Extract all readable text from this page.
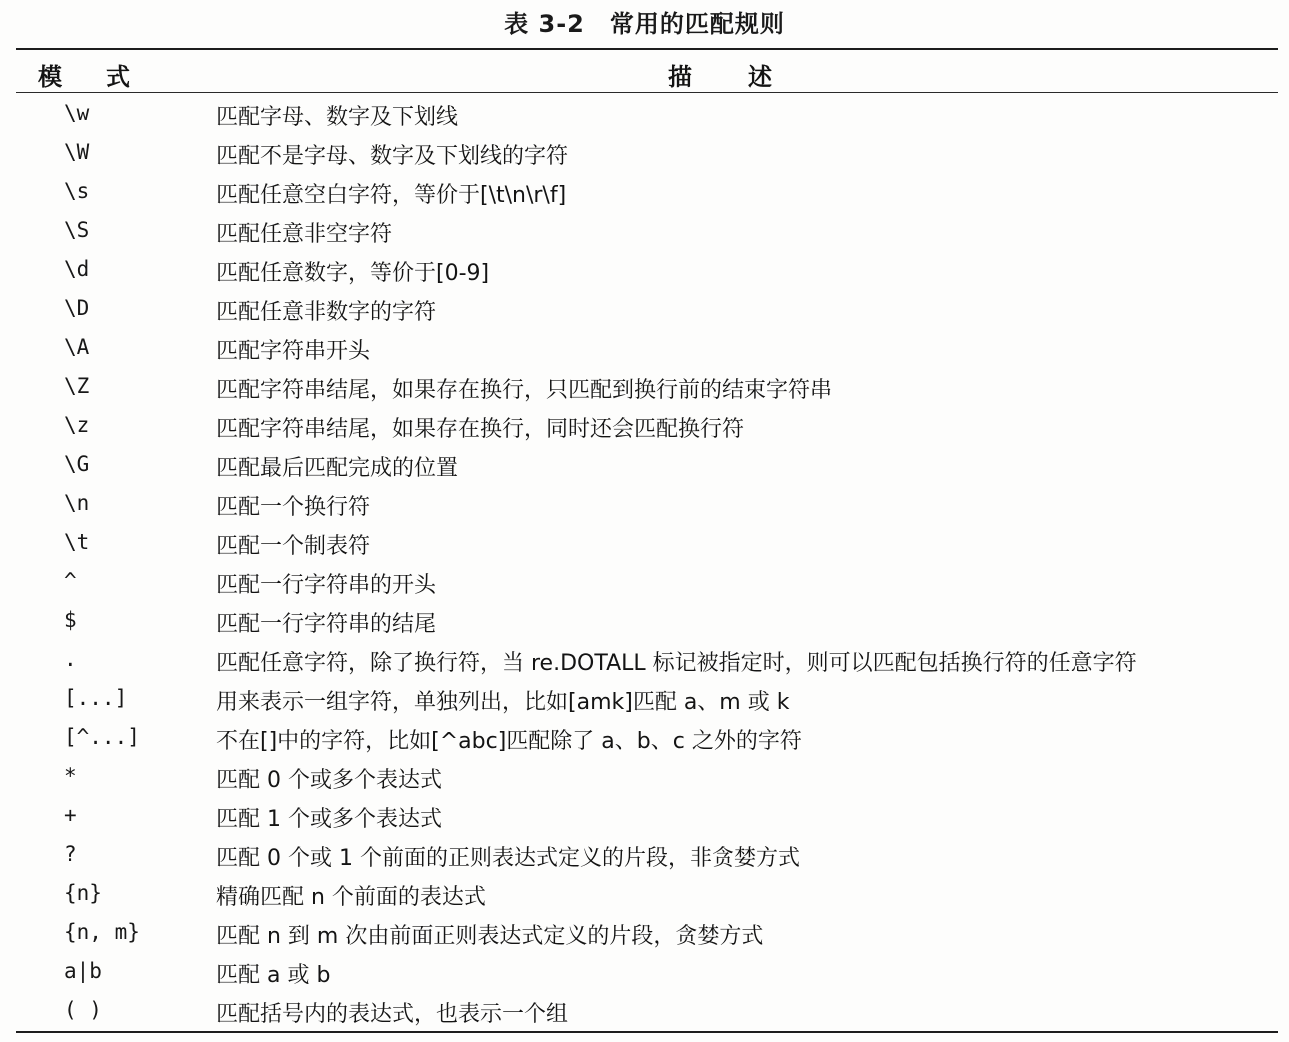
表 3-2　常用的匹配规则
模式	描述
\w	匹配字母、数字及下划线
\W	匹配不是字母、数字及下划线的字符
\s	匹配任意空白字符，等价于[\t\n\r\f]
\S	匹配任意非空字符
\d	匹配任意数字，等价于[0-9]
\D	匹配任意非数字的字符
\A	匹配字符串开头
\Z	匹配字符串结尾，如果存在换行，只匹配到换行前的结束字符串
\z	匹配字符串结尾，如果存在换行，同时还会匹配换行符
\G	匹配最后匹配完成的位置
\n	匹配一个换行符
\t	匹配一个制表符
^	匹配一行字符串的开头
$	匹配一行字符串的结尾
.	匹配任意字符，除了换行符，当 re.DOTALL 标记被指定时，则可以匹配包括换行符的任意字符
[...]	用来表示一组字符，单独列出，比如[amk]匹配 a、m 或 k
[^...]	不在[]中的字符，比如[^abc]匹配除了 a、b、c 之外的字符
*	匹配 0 个或多个表达式
+	匹配 1 个或多个表达式
?	匹配 0 个或 1 个前面的正则表达式定义的片段，非贪婪方式
{n}	精确匹配 n 个前面的表达式
{n, m}	匹配 n 到 m 次由前面正则表达式定义的片段，贪婪方式
a|b	匹配 a 或 b
( )	匹配括号内的表达式，也表示一个组
